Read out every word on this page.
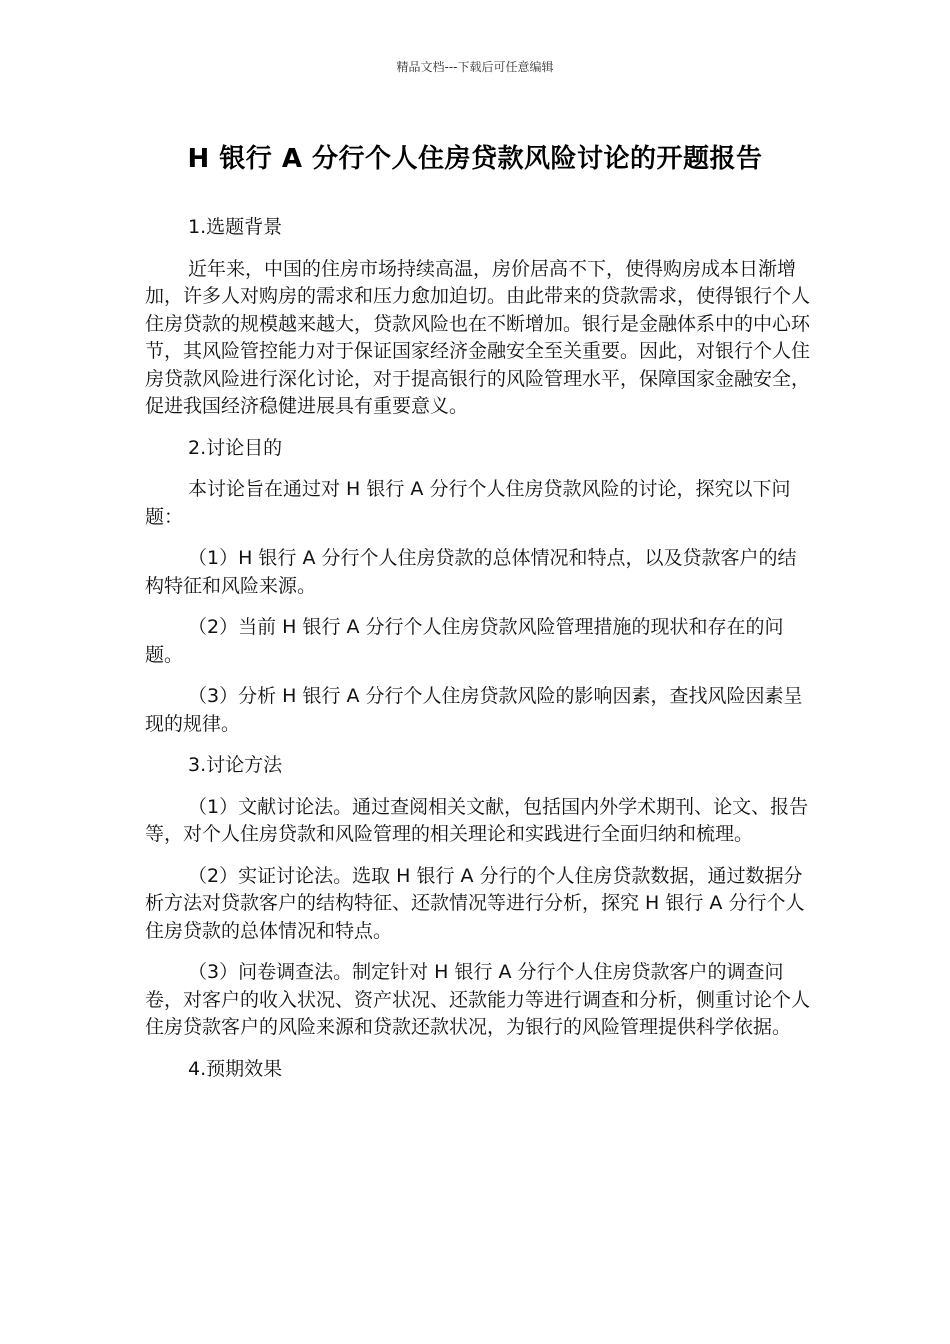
精品文档---下载后可任意编辑
H 银行 A 分行个人住房贷款风险讨论的开题报告
1.选题背景

近年来，中国的住房市场持续高温，房价居高不下，使得购房成本日渐增加，许多人对购房的需求和压力愈加迫切。由此带来的贷款需求，使得银行个人住房贷款的规模越来越大，贷款风险也在不断增加。银行是金融体系中的中心环节，其风险管控能力对于保证国家经济金融安全至关重要。因此，对银行个人住房贷款风险进行深化讨论，对于提高银行的风险管理水平，保障国家金融安全，促进我国经济稳健进展具有重要意义。

2.讨论目的

本讨论旨在通过对 H 银行 A 分行个人住房贷款风险的讨论，探究以下问题：

（1）H 银行 A 分行个人住房贷款的总体情况和特点，以及贷款客户的结构特征和风险来源。

（2）当前 H 银行 A 分行个人住房贷款风险管理措施的现状和存在的问题。

（3）分析 H 银行 A 分行个人住房贷款风险的影响因素，查找风险因素呈现的规律。

3.讨论方法

（1）文献讨论法。通过查阅相关文献，包括国内外学术期刊、论文、报告等，对个人住房贷款和风险管理的相关理论和实践进行全面归纳和梳理。

（2）实证讨论法。选取 H 银行 A 分行的个人住房贷款数据，通过数据分析方法对贷款客户的结构特征、还款情况等进行分析，探究 H 银行 A 分行个人住房贷款的总体情况和特点。

（3）问卷调查法。制定针对 H 银行 A 分行个人住房贷款客户的调查问卷，对客户的收入状况、资产状况、还款能力等进行调查和分析，侧重讨论个人住房贷款客户的风险来源和贷款还款状况，为银行的风险管理提供科学依据。

4.预期效果
